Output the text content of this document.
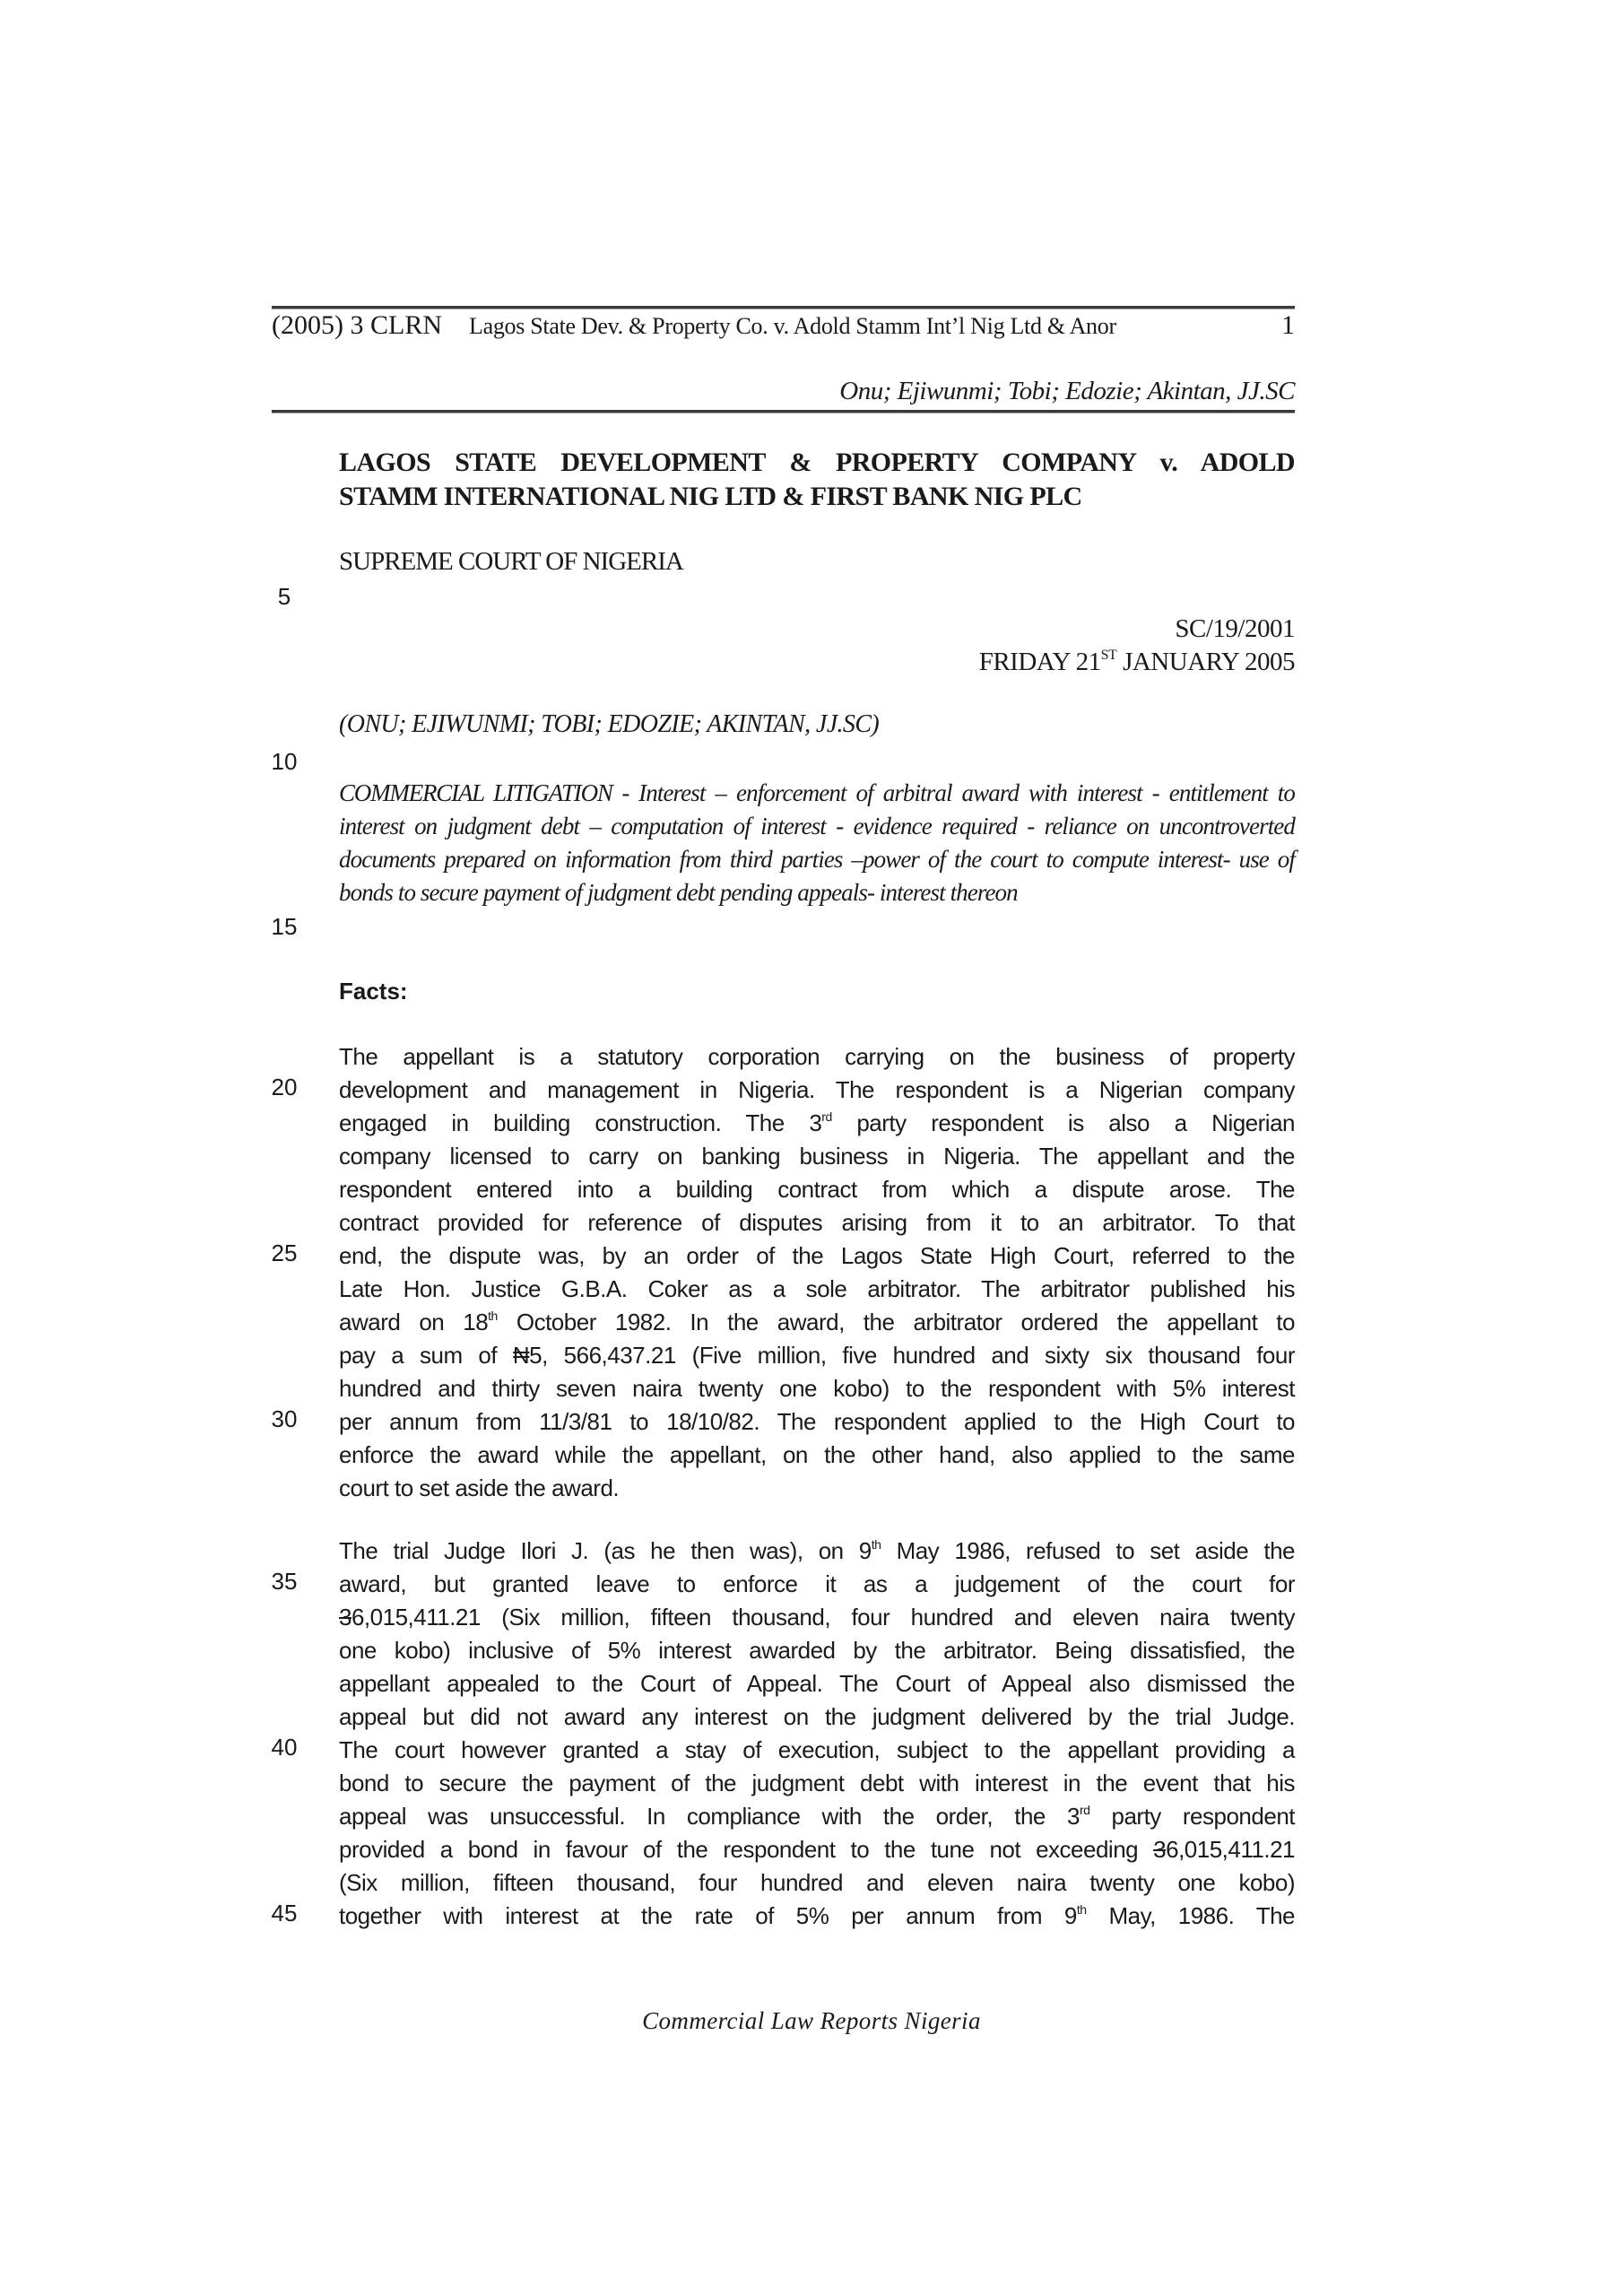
(2005) 3 CLRN Lagos State Dev. & Property Co. v. Adold Stamm Int’l Nig Ltd & Anor	1
Onu; Ejiwunmi; Tobi; Edozie; Akintan, JJ.SC
LAGOS STATE DEVELOPMENT & PROPERTY COMPANY v. ADOLD
STAMM INTERNATIONAL NIG LTD & FIRST BANK NIG PLC
SUPREME COURT OF NIGERIA
SC/19/2001
FRIDAY 21ST JANUARY 2005
(ONU; EJIWUNMI; TOBI; EDOZIE; AKINTAN, JJ.SC)
COMMERCIAL LITIGATION - Interest – enforcement of arbitral award with interest - entitlement to interest on judgment debt – computation of interest - evidence required - reliance on uncontroverted documents prepared on information from third parties –power of the court to compute interest- use of bonds to secure payment of judgment debt pending appeals- interest thereon
Facts:
The appellant is a statutory corporation carrying on the business of property
development and management in Nigeria. The respondent is a Nigerian company
engaged in building construction. The 3rd party respondent is also a Nigerian
company licensed to carry on banking business in Nigeria. The appellant and the
respondent entered into a building contract from which a dispute arose. The
contract provided for reference of disputes arising from it to an arbitrator. To that
end, the dispute was, by an order of the Lagos State High Court, referred to the
Late Hon. Justice G.B.A. Coker as a sole arbitrator. The arbitrator published his
award on 18th October 1982. In the award, the arbitrator ordered the appellant to
pay a sum of ₦5, 566,437.21 (Five million, five hundred and sixty six thousand four
hundred and thirty seven naira twenty one kobo) to the respondent with 5% interest
per annum from 11/3/81 to 18/10/82. The respondent applied to the High Court to
enforce the award while the appellant, on the other hand, also applied to the same
court to set aside the award.
The trial Judge Ilori J. (as he then was), on 9th May 1986, refused to set aside the
award, but granted leave to enforce it as a judgement of the court for
36,015,411.21 (Six million, fifteen thousand, four hundred and eleven naira twenty
one kobo) inclusive of 5% interest awarded by the arbitrator. Being dissatisfied, the
appellant appealed to the Court of Appeal. The Court of Appeal also dismissed the
appeal but did not award any interest on the judgment delivered by the trial Judge.
The court however granted a stay of execution, subject to the appellant providing a
bond to secure the payment of the judgment debt with interest in the event that his
appeal was unsuccessful. In compliance with the order, the 3rd party respondent
provided a bond in favour of the respondent to the tune not exceeding 36,015,411.21
(Six million, fifteen thousand, four hundred and eleven naira twenty one kobo)
together with interest at the rate of 5% per annum from 9th May, 1986. The
5
10
15
20
25
30
35
40
45
Commercial Law Reports Nigeria
